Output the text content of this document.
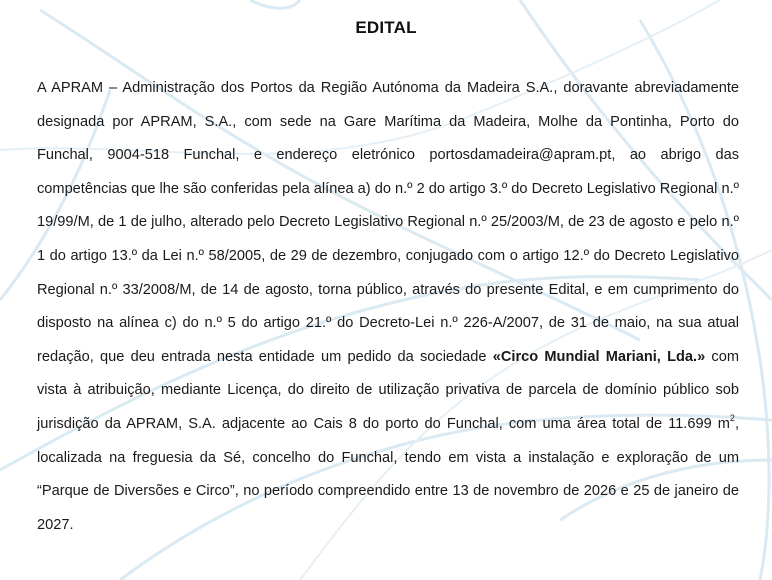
EDITAL

A APRAM – Administração dos Portos da Região Autónoma da Madeira S.A., doravante abreviadamente designada por APRAM, S.A., com sede na Gare Marítima da Madeira, Molhe da Pontinha, Porto do Funchal, 9004-518 Funchal, e endereço eletrónico portosdamadeira@apram.pt, ao abrigo das competências que lhe são conferidas pela alínea a) do n.º 2 do artigo 3.º do Decreto Legislativo Regional n.º 19/99/M, de 1 de julho, alterado pelo Decreto Legislativo Regional n.º 25/2003/M, de 23 de agosto e pelo n.º 1 do artigo 13.º da Lei n.º 58/2005, de 29 de dezembro, conjugado com o artigo 12.º do Decreto Legislativo Regional n.º 33/2008/M, de 14 de agosto, torna público, através do presente Edital, e em cumprimento do disposto na alínea c) do n.º 5 do artigo 21.º do Decreto-Lei n.º 226-A/2007, de 31 de maio, na sua atual redação, que deu entrada nesta entidade um pedido da sociedade «Circo Mundial Mariani, Lda.» com vista à atribuição, mediante Licença, do direito de utilização privativa de parcela de domínio público sob jurisdição da APRAM, S.A. adjacente ao Cais 8 do porto do Funchal, com uma área total de 11.699 $m^2$, localizada na freguesia da Sé, concelho do Funchal, tendo em vista a instalação e exploração de um “Parque de Diversões e Circo”, no período compreendido entre 13 de novembro de 2026 e 25 de janeiro de 2027.
